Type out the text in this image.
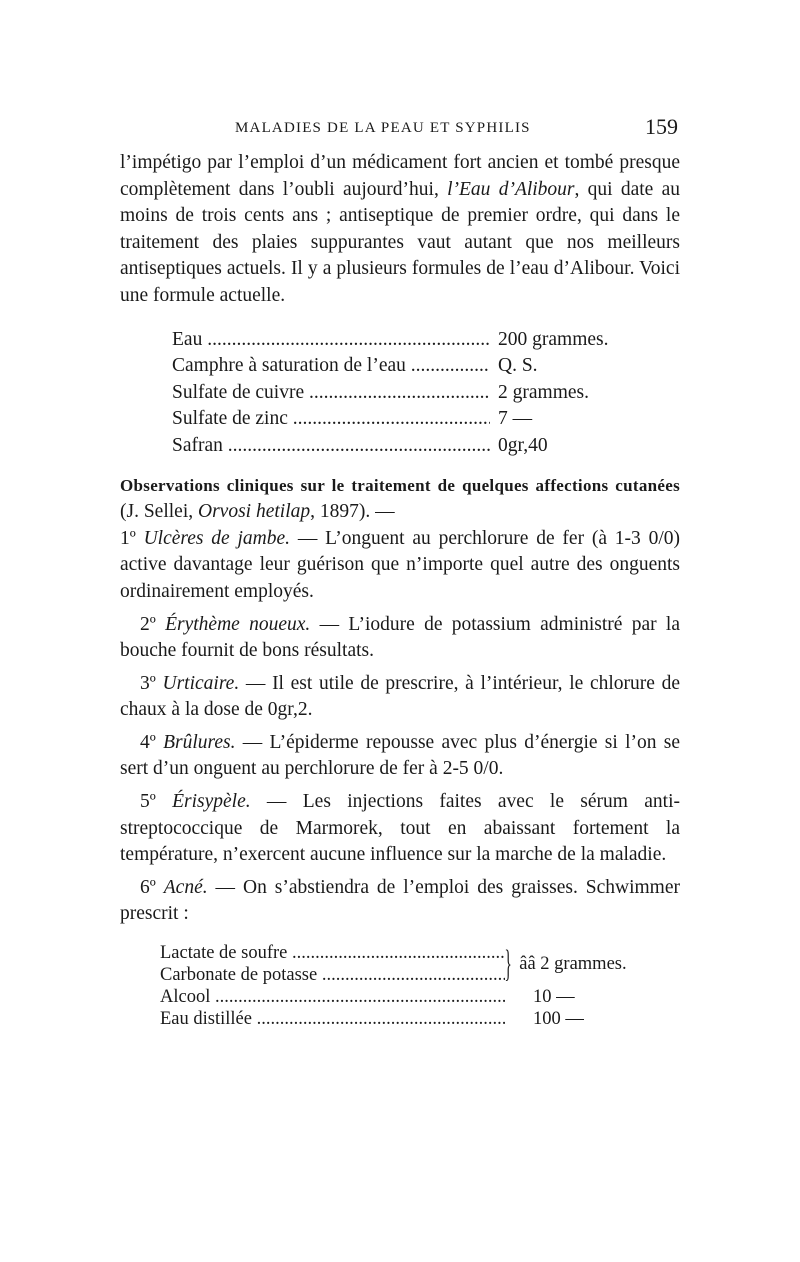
MALADIES DE LA PEAU ET SYPHILIS	159

l’impétigo par l’emploi d’un médicament fort ancien et tombé presque complètement dans l’oubli aujourd’hui, l’Eau d’Alibour, qui date au moins de trois cents ans ; antiseptique de premier ordre, qui dans le traitement des plaies suppurantes vaut autant que nos meilleurs antiseptiques actuels. Il y a plusieurs formules de l’eau d’Alibour. Voici une formule actuelle.

Eau .....	200 grammes.
Camphre à saturation de l’eau .....	Q. S.
Sulfate de cuivre .....	2 grammes.
Sulfate de zinc .....	7 —
Safran .....	0gr,40

Observations cliniques sur le traitement de quelques affections cutanées (J. Sellei, Orvosi hetilap, 1897). —
1º Ulcères de jambe. — L’onguent au perchlorure de fer (à 1-3 0/0) active davantage leur guérison que n’importe quel autre des onguents ordinairement employés.

2º Érythème noueux. — L’iodure de potassium administré par la bouche fournit de bons résultats.

3º Urticaire. — Il est utile de prescrire, à l’intérieur, le chlorure de chaux à la dose de 0gr,2.

4º Brûlures. — L’épiderme repousse avec plus d’énergie si l’on se sert d’un onguent au perchlorure de fer à 2-5 0/0.

5º Érisypèle. — Les injections faites avec le sérum anti-streptococcique de Marmorek, tout en abaissant fortement la température, n’exercent aucune influence sur la marche de la maladie.

6º Acné. — On s’abstiendra de l’emploi des graisses. Schwimmer prescrit :

Lactate de soufre .....
Carbonate de potasse .....	} ââ 2 grammes.
Alcool .....	10 —
Eau distillée .....	100 —
